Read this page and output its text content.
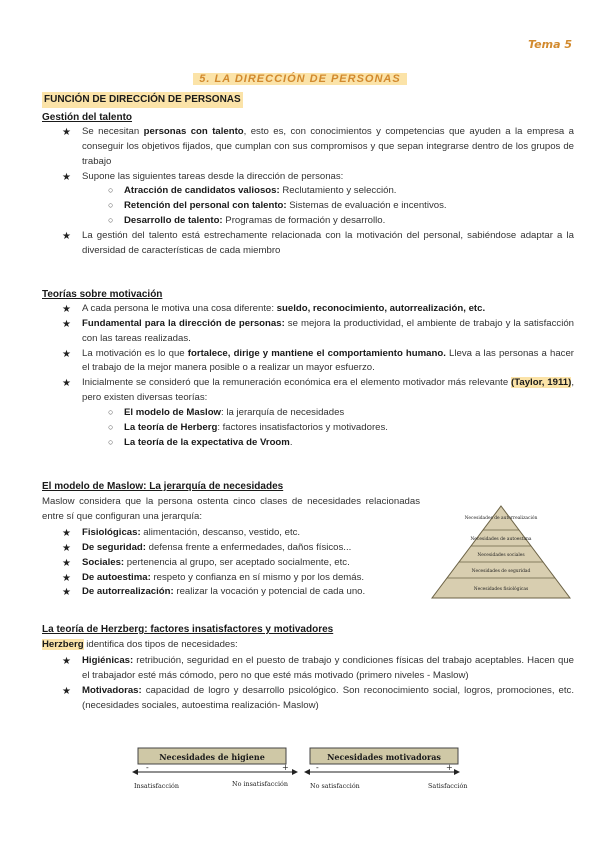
Tema 5
5. LA DIRECCIÓN DE PERSONAS
FUNCIÓN DE DIRECCIÓN DE PERSONAS
Gestión del talento
★ Se necesitan personas con talento, esto es, con conocimientos y competencias que ayuden a la empresa a conseguir los objetivos fijados, que cumplan con sus compromisos y que sepan integrarse dentro de los grupos de trabajo
★ Supone las siguientes tareas desde la dirección de personas:
○ Atracción de candidatos valiosos: Reclutamiento y selección.
○ Retención del personal con talento: Sistemas de evaluación e incentivos.
○ Desarrollo de talento: Programas de formación y desarrollo.
★ La gestión del talento está estrechamente relacionada con la motivación del personal, sabiéndose adaptar a la diversidad de características de cada miembro
Teorías sobre motivación
★ A cada persona le motiva una cosa diferente: sueldo, reconocimiento, autorrealización, etc.
★ Fundamental para la dirección de personas: se mejora la productividad, el ambiente de trabajo y la satisfacción con las tareas realizadas.
★ La motivación es lo que fortalece, dirige y mantiene el comportamiento humano. Lleva a las personas a hacer el trabajo de la mejor manera posible o a realizar un mayor esfuerzo.
★ Inicialmente se consideró que la remuneración económica era el elemento motivador más relevante (Taylor, 1911), pero existen diversas teorías:
○ El modelo de Maslow: la jerarquía de necesidades
○ La teoría de Herberg: factores insatisfactorios y motivadores.
○ La teoría de la expectativa de Vroom.
El modelo de Maslow: La jerarquía de necesidades
Maslow considera que la persona ostenta cinco clases de necesidades relacionadas entre sí que configuran una jerarquía:
★ Fisiológicas: alimentación, descanso, vestido, etc.
★ De seguridad: defensa frente a enfermedades, daños físicos...
★ Sociales: pertenencia al grupo, ser aceptado socialmente, etc.
★ De autoestima: respeto y confianza en sí mismo y por los demás.
★ De autorrealización: realizar la vocación y potencial de cada uno.
Necesidades de autorrealización
Necesidades de autoestima
Necesidades sociales
Necesidades de seguridad
Necesidades fisiológicas
La teoría de Herzberg: factores insatisfactores y motivadores
Herzberg identifica dos tipos de necesidades:
★ Higiénicas: retribución, seguridad en el puesto de trabajo y condiciones físicas del trabajo aceptables. Hacen que el trabajador esté más cómodo, pero no que esté más motivado (primero niveles - Maslow)
★ Motivadoras: capacidad de logro y desarrollo psicológico. Son reconocimiento social, logros, promociones, etc. (necesidades sociales, autoestima realización- Maslow)
Necesidades de higiene	Necesidades motivadoras
-	+	-	+
Insatisfacción	No insatisfacción	No satisfacción	Satisfacción
